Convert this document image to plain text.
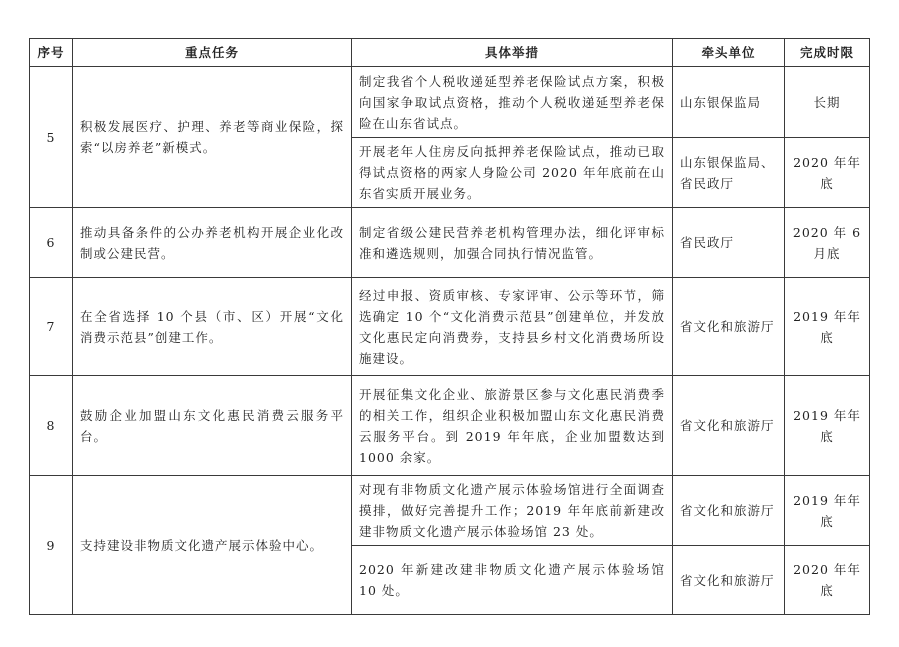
序号	重点任务	具体举措	牵头单位	完成时限
5	积极发展医疗、护理、养老等商业保险，探索“以房养老”新模式。	制定我省个人税收递延型养老保险试点方案，积极向国家争取试点资格，推动个人税收递延型养老保险在山东省试点。	山东银保监局	长期
		开展老年人住房反向抵押养老保险试点，推动已取得试点资格的两家人身险公司 2020 年年底前在山东省实质开展业务。	山东银保监局、省民政厅	2020 年年底
6	推动具备条件的公办养老机构开展企业化改制或公建民营。	制定省级公建民营养老机构管理办法，细化评审标准和遴选规则，加强合同执行情况监管。	省民政厅	2020 年 6 月底
7	在全省选择 10 个县（市、区）开展“文化消费示范县”创建工作。	经过申报、资质审核、专家评审、公示等环节，筛选确定 10 个“文化消费示范县”创建单位，并发放文化惠民定向消费券，支持县乡村文化消费场所设施建设。	省文化和旅游厅	2019 年年底
8	鼓励企业加盟山东文化惠民消费云服务平台。	开展征集文化企业、旅游景区参与文化惠民消费季的相关工作，组织企业积极加盟山东文化惠民消费云服务平台。到 2019 年年底，企业加盟数达到 1000 余家。	省文化和旅游厅	2019 年年底
9	支持建设非物质文化遗产展示体验中心。	对现有非物质文化遗产展示体验场馆进行全面调查摸排，做好完善提升工作；2019 年年底前新建改建非物质文化遗产展示体验场馆 23 处。	省文化和旅游厅	2019 年年底
		2020 年新建改建非物质文化遗产展示体验场馆 10 处。	省文化和旅游厅	2020 年年底
